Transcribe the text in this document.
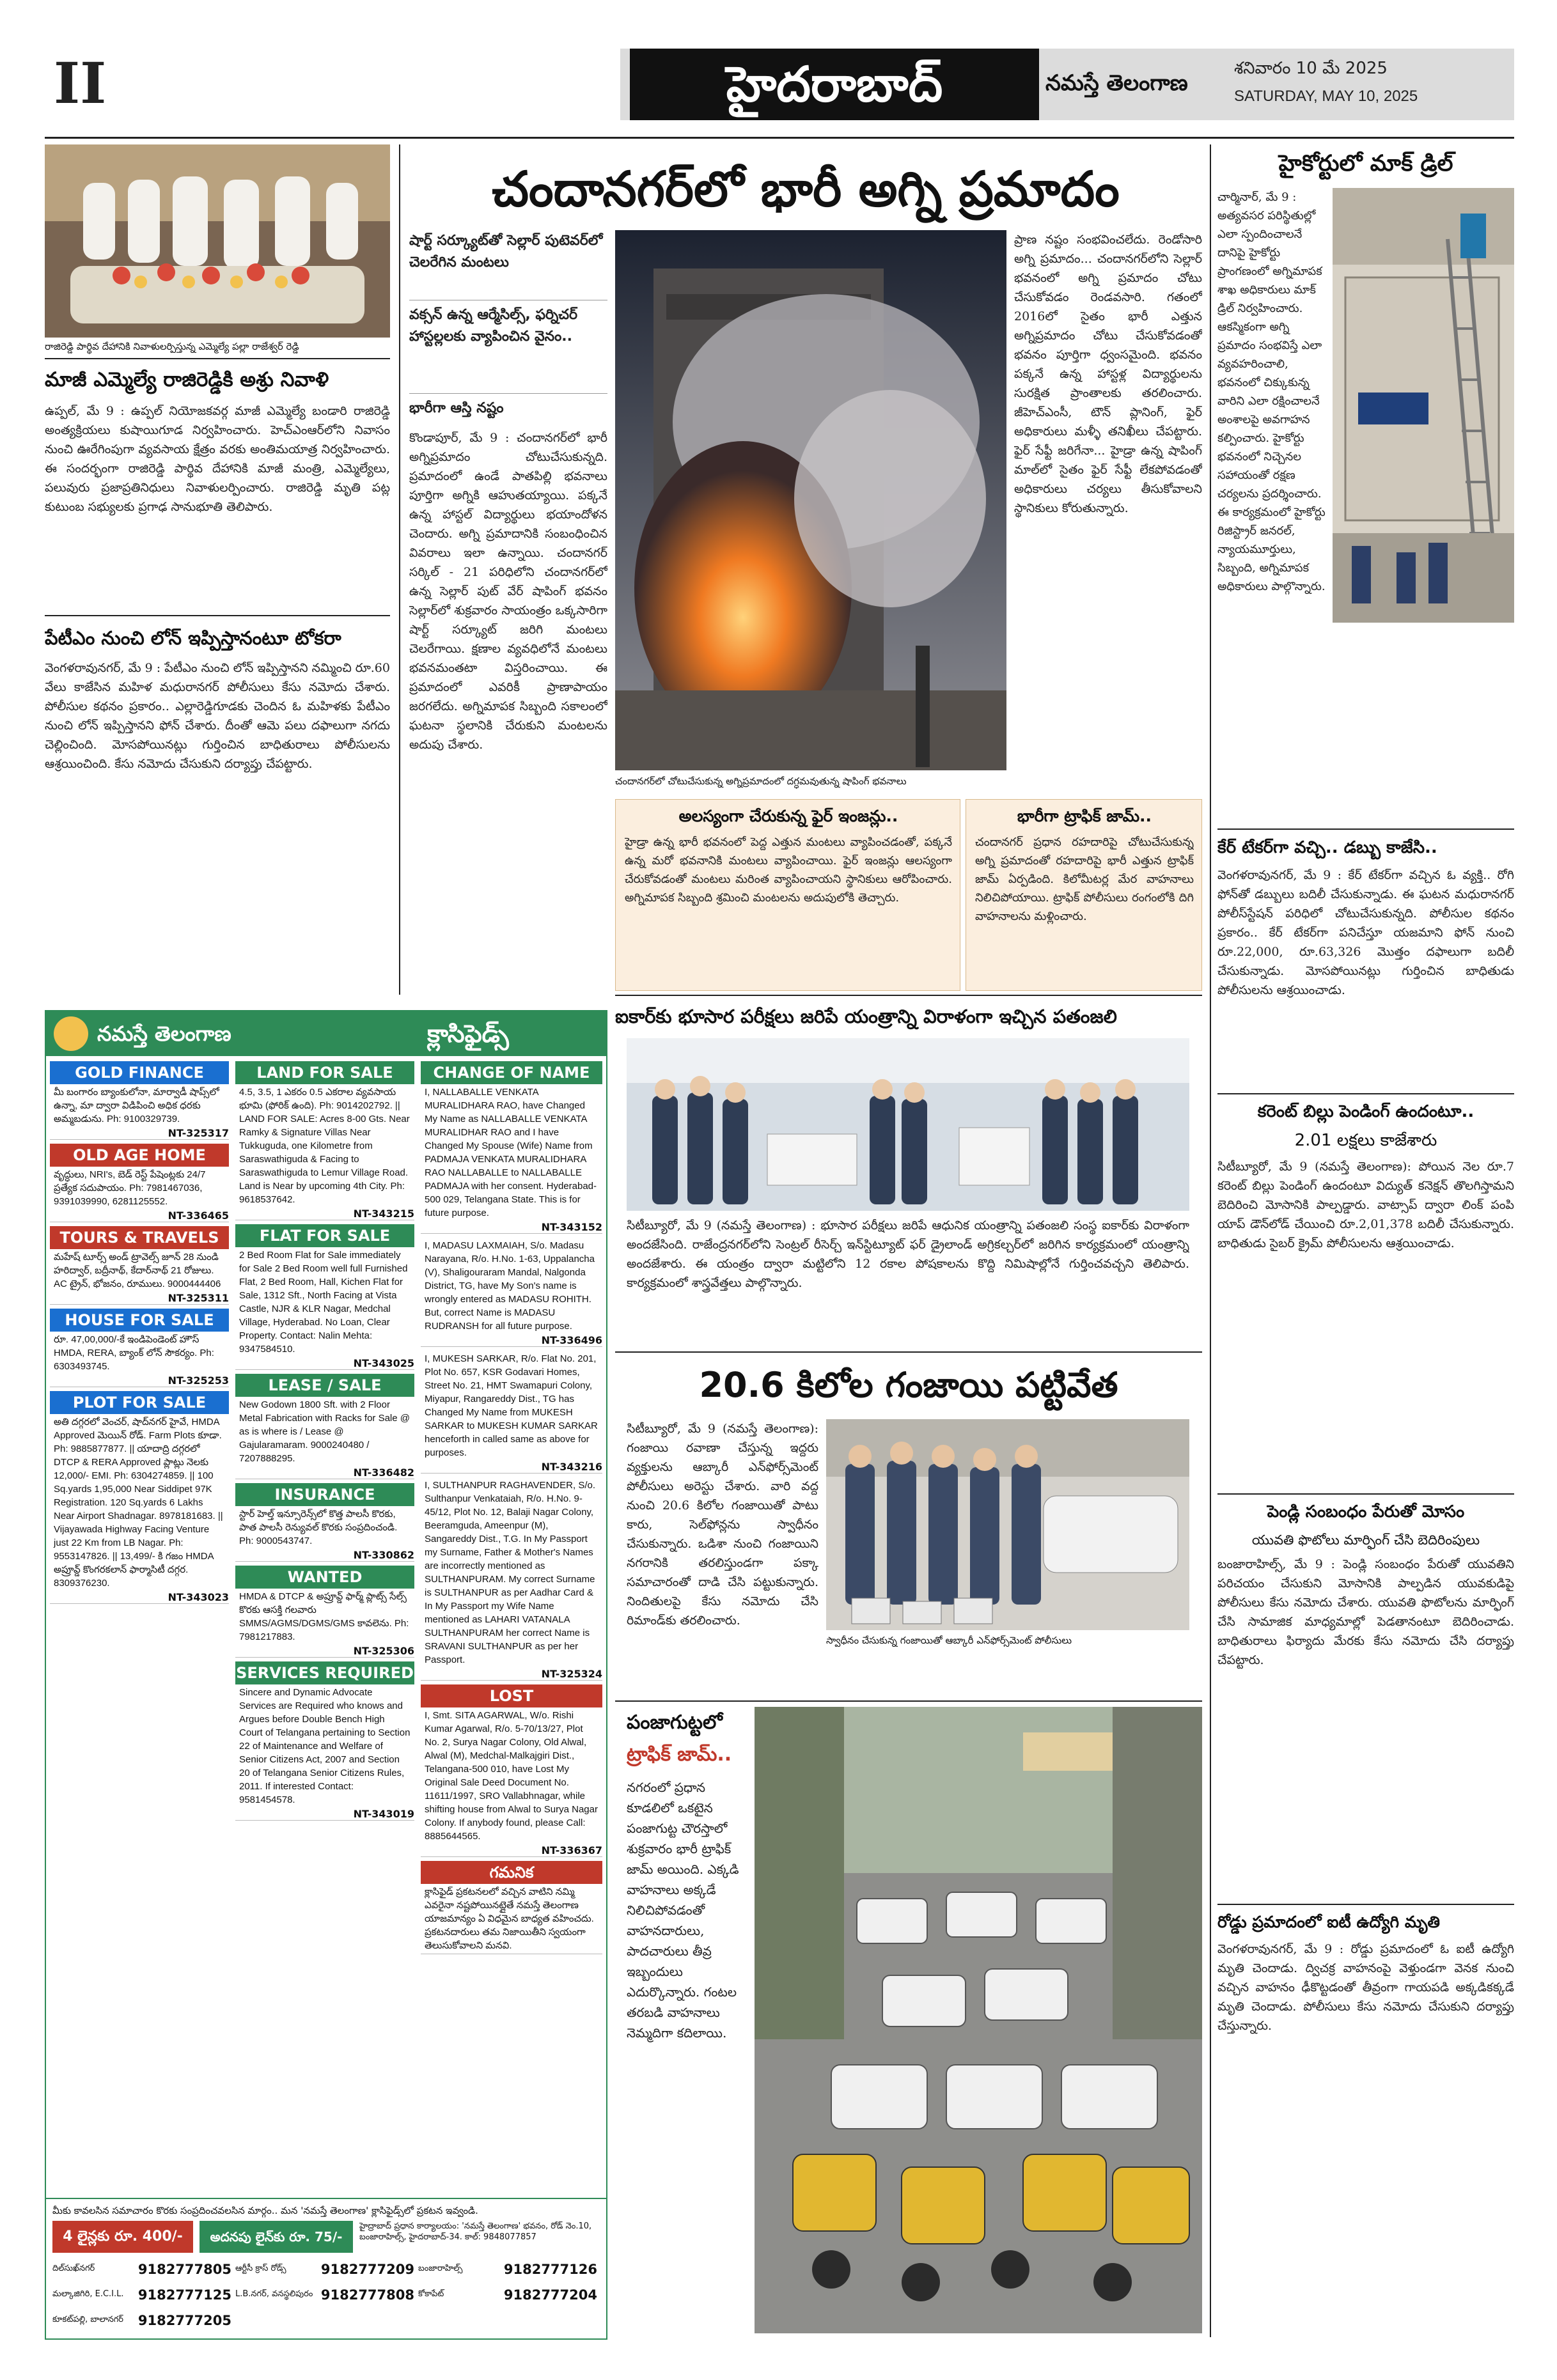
II	హైదరాబాద్	నమస్తే తెలంగాణ
శనివారం 10 మే 2025
SATURDAY, MAY 10, 2025
రాజిరెడ్డి పార్థివ దేహానికి నివాళులర్పిస్తున్న ఎమ్మెల్యే పల్లా రాజేశ్వర్ రెడ్డి
మాజీ ఎమ్మెల్యే రాజిరెడ్డికి అశ్రు నివాళి
ఉప్పల్, మే 9 : ఉప్పల్ నియోజకవర్గ మాజీ ఎమ్మెల్యే బండారి రాజిరెడ్డి అంత్యక్రియలు కుషాయిగూడ నిర్వహించారు. హెచ్ఎంఆర్‌లోని నివాసం నుంచి ఊరేగింపుగా వ్యవసాయ క్షేత్రం వరకు అంతిమయాత్ర నిర్వహించారు. ఈ సందర్భంగా రాజిరెడ్డి పార్థివ దేహానికి మాజీ మంత్రి, ఎమ్మెల్యేలు, పలువురు ప్రజాప్రతినిధులు నివాళులర్పించారు. రాజిరెడ్డి మృతి పట్ల కుటుంబ సభ్యులకు ప్రగాఢ సానుభూతి తెలిపారు.
పేటీఎం నుంచి లోన్ ఇప్పిస్తానంటూ టోకరా
వెంగళరావునగర్, మే 9 : పేటీఎం నుంచి లోన్ ఇప్పిస్తానని నమ్మించి రూ.60 వేలు కాజేసిన మహిళ మధురానగర్ పోలీసులు కేసు నమోదు చేశారు. పోలీసుల కథనం ప్రకారం.. ఎల్లారెడ్డిగూడకు చెందిన ఓ మహిళకు పేటీఎం నుంచి లోన్ ఇప్పిస్తానని ఫోన్ చేశారు. దీంతో ఆమె పలు దఫాలుగా నగదు చెల్లించింది. మోసపోయినట్లు గుర్తించిన బాధితురాలు పోలీసులను ఆశ్రయించింది. కేసు నమోదు చేసుకుని దర్యాప్తు చేపట్టారు.
చందానగర్‌లో భారీ అగ్ని ప్రమాదం
షార్ట్ సర్క్యూట్‌తో సెల్లార్ పుటెవర్‌లో చెలరేగిన మంటలు
వక్సన్ ఉన్న ఆర్మేసిల్స్, ఫర్నిచర్ హాస్టల్లలకు వ్యాపించిన వైనం..
భారీగా ఆస్తి నష్టం
కొండాపూర్, మే 9 : చందానగర్‌లో భారీ అగ్నిప్రమాదం చోటుచేసుకున్నది. ప్రమాదంలో ఉండే పాతపిల్లి భవనాలు పూర్తిగా అగ్నికి ఆహుతయ్యాయి. పక్కనే ఉన్న హాస్టల్‌ విద్యార్థులు భయాందోళన చెందారు. అగ్ని ప్రమాదానికి సంబంధించిన వివరాలు ఇలా ఉన్నాయి. చందానగర్ సర్కిల్ - 21 పరిధిలోని చందానగర్‌లో ఉన్న సెల్లార్ పుట్ వేర్ షాపింగ్ భవనం సెల్లార్‌లో శుక్రవారం సాయంత్రం ఒక్కసారిగా షార్ట్ సర్క్యూట్ జరిగి మంటలు చెలరేగాయి. క్షణాల వ్యవధిలోనే మంటలు భవనమంతటా విస్తరించాయి. ఈ ప్రమాదంలో ఎవరికీ ప్రాణాపాయం జరగలేదు. అగ్నిమాపక సిబ్బంది సకాలంలో ఘటనా స్థలానికి చేరుకుని మంటలను అదుపు చేశారు.
చందానగర్‌లో చోటుచేసుకున్న అగ్నిప్రమాదంలో దగ్ధమవుతున్న షాపింగ్ భవనాలు
ప్రాణ నష్టం సంభవించలేదు. రెండోసారి అగ్ని ప్రమాదం... చందానగర్‌లోని సెల్లార్ భవనంలో అగ్ని ప్రమాదం చోటు చేసుకోవడం రెండవసారి. గతంలో 2016లో సైతం భారీ ఎత్తున అగ్నిప్రమాదం చోటు చేసుకోవడంతో భవనం పూర్తిగా ధ్వంసమైంది. భవనం పక్కనే ఉన్న హాస్టళ్ల విద్యార్థులను సురక్షిత ప్రాంతాలకు తరలించారు. జీహెచ్ఎంసీ, టౌన్ ప్లానింగ్, ఫైర్ అధికారులు మళ్ళీ తనిఖీలు చేపట్టారు. ఫైర్ సేఫ్టీ జరిగేనా... హైడ్రా ఉన్న షాపింగ్ మాల్‌లో సైతం ఫైర్ సేఫ్టీ లేకపోవడంతో అధికారులు చర్యలు తీసుకోవాలని స్థానికులు కోరుతున్నారు.
అలస్యంగా చేరుకున్న ఫైర్ ఇంజన్లు..
హైడ్రా ఉన్న భారీ భవనంలో పెద్ద ఎత్తున మంటలు వ్యాపించడంతో, పక్కనే ఉన్న మరో భవనానికి మంటలు వ్యాపించాయి. ఫైర్ ఇంజన్లు ఆలస్యంగా చేరుకోవడంతో మంటలు మరింత వ్యాపించాయని స్థానికులు ఆరోపించారు. అగ్నిమాపక సిబ్బంది శ్రమించి మంటలను అదుపులోకి తెచ్చారు.
భారీగా ట్రాఫిక్ జామ్..
చందానగర్ ప్రధాన రహదారిపై చోటుచేసుకున్న అగ్ని ప్రమాదంతో రహదారిపై భారీ ఎత్తున ట్రాఫిక్ జామ్ ఏర్పడింది. కిలోమీటర్ల మేర వాహనాలు నిలిచిపోయాయి. ట్రాఫిక్ పోలీసులు రంగంలోకి దిగి వాహనాలను మళ్లించారు.
హైకోర్టులో మాక్ డ్రిల్
చార్మినార్, మే 9 : అత్యవసర పరిస్థితుల్లో ఎలా స్పందించాలనే దానిపై హైకోర్టు ప్రాంగణంలో అగ్నిమాపక శాఖ అధికారులు మాక్ డ్రిల్ నిర్వహించారు. ఆకస్మికంగా అగ్ని ప్రమాదం సంభవిస్తే ఎలా వ్యవహరించాలి, భవనంలో చిక్కుకున్న వారిని ఎలా రక్షించాలనే అంశాలపై అవగాహన కల్పించారు. హైకోర్టు భవనంలో నిచ్చెనల సహాయంతో రక్షణ చర్యలను ప్రదర్శించారు. ఈ కార్యక్రమంలో హైకోర్టు రిజిస్ట్రార్ జనరల్, న్యాయమూర్తులు, సిబ్బంది, అగ్నిమాపక అధికారులు పాల్గొన్నారు.
కేర్ టేకర్‌గా వచ్చి.. డబ్బు కాజేసి..
వెంగళరావునగర్, మే 9 : కేర్ టేకర్‌గా వచ్చిన ఓ వ్యక్తి.. రోగి ఫోన్‌తో డబ్బులు బదిలీ చేసుకున్నాడు. ఈ ఘటన మధురానగర్ పోలీస్‌స్టేషన్ పరిధిలో చోటుచేసుకున్నది. పోలీసుల కథనం ప్రకారం.. కేర్ టేకర్‌గా పనిచేస్తూ యజమాని ఫోన్ నుంచి రూ.22,000, రూ.63,326 మొత్తం దఫాలుగా బదిలీ చేసుకున్నాడు. మోసపోయినట్లు గుర్తించిన బాధితుడు పోలీసులను ఆశ్రయించాడు.
కరెంట్ బిల్లు పెండింగ్ ఉందంటూ..
2.01 లక్షలు కాజేశారు
సిటీబ్యూరో, మే 9 (నమస్తే తెలంగాణ): పోయిన నెల రూ.7 కరెంట్ బిల్లు పెండింగ్ ఉందంటూ విద్యుత్ కనెక్షన్ తొలగిస్తామని బెదిరించి మోసానికి పాల్పడ్డారు. వాట్సాప్ ద్వారా లింక్ పంపి యాప్ డౌన్‌లోడ్ చేయించి రూ.2,01,378 బదిలీ చేసుకున్నారు. బాధితుడు సైబర్ క్రైమ్ పోలీసులను ఆశ్రయించాడు.
పెండ్లి సంబంధం పేరుతో మోసం
యువతి ఫొటోలు మార్ఫింగ్ చేసి బెదిరింపులు
బంజారాహిల్స్, మే 9 : పెండ్లి సంబంధం పేరుతో యువతిని పరిచయం చేసుకుని మోసానికి పాల్పడిన యువకుడిపై పోలీసులు కేసు నమోదు చేశారు. యువతి ఫొటోలను మార్ఫింగ్ చేసి సామాజిక మాధ్యమాల్లో పెడతానంటూ బెదిరించాడు. బాధితురాలు ఫిర్యాదు మేరకు కేసు నమోదు చేసి దర్యాప్తు చేపట్టారు.
రోడ్డు ప్రమాదంలో ఐటీ ఉద్యోగి మృతి
వెంగళరావునగర్, మే 9 : రోడ్డు ప్రమాదంలో ఓ ఐటీ ఉద్యోగి మృతి చెందాడు. ద్విచక్ర వాహనంపై వెళ్తుండగా వెనక నుంచి వచ్చిన వాహనం ఢీకొట్టడంతో తీవ్రంగా గాయపడి అక్కడికక్కడే మృతి చెందాడు. పోలీసులు కేసు నమోదు చేసుకుని దర్యాప్తు చేస్తున్నారు.
ఐకార్‌కు భూసార పరీక్షలు జరిపే యంత్రాన్ని విరాళంగా ఇచ్చిన పతంజలి
సిటీబ్యూరో, మే 9 (నమస్తే తెలంగాణ) : భూసార పరీక్షలు జరిపే ఆధునిక యంత్రాన్ని పతంజలి సంస్థ ఐకార్‌కు విరాళంగా అందజేసింది. రాజేంద్రనగర్‌లోని సెంట్రల్ రీసెర్చ్ ఇన్‌స్టిట్యూట్ ఫర్ డ్రైలాండ్ అగ్రికల్చర్‌లో జరిగిన కార్యక్రమంలో యంత్రాన్ని అందజేశారు. ఈ యంత్రం ద్వారా మట్టిలోని 12 రకాల పోషకాలను కొద్ది నిమిషాల్లోనే గుర్తించవచ్చని తెలిపారు. కార్యక్రమంలో శాస్త్రవేత్తలు పాల్గొన్నారు.
20.6 కిలోల గంజాయి పట్టివేత
సిటీబ్యూరో, మే 9 (నమస్తే తెలంగాణ): గంజాయి రవాణా చేస్తున్న ఇద్దరు వ్యక్తులను ఆబ్కారీ ఎన్‌ఫోర్స్‌మెంట్ పోలీసులు అరెస్టు చేశారు. వారి వద్ద నుంచి 20.6 కిలోల గంజాయితో పాటు కారు, సెల్‌ఫోన్లను స్వాధీనం చేసుకున్నారు. ఒడిశా నుంచి గంజాయిని నగరానికి తరలిస్తుండగా పక్కా సమాచారంతో దాడి చేసి పట్టుకున్నారు. నిందితులపై కేసు నమోదు చేసి రిమాండ్‌కు తరలించారు.
స్వాధీనం చేసుకున్న గంజాయితో ఆబ్కారీ ఎన్‌ఫోర్స్‌మెంట్ పోలీసులు
పంజాగుట్టలో
ట్రాఫిక్ జామ్..
నగరంలో ప్రధాన కూడలిలో ఒకటైన పంజాగుట్ట చౌరస్తాలో శుక్రవారం భారీ ట్రాఫిక్ జామ్ అయింది. ఎక్కడి వాహనాలు అక్కడే నిలిచిపోవడంతో వాహనదారులు, పాదచారులు తీవ్ర ఇబ్బందులు ఎదుర్కొన్నారు. గంటల తరబడి వాహనాలు నెమ్మదిగా కదిలాయి.
నమస్తే తెలంగాణ	క్లాసిఫైడ్స్
GOLD FINANCE
మీ బంగారం బ్యాంకులోనా, మార్వాడీ షాప్స్‌లో ఉన్నా, మా ద్వారా విడిపించి అధిక ధరకు అమ్మబడును. Ph: 9100329739.
NT-325317
OLD AGE HOME
వృద్ధులు, NRI's, బెడ్ రెస్ట్ పేషెంట్లకు 24/7 ప్రత్యేక సదుపాయం. Ph: 7981467036, 9391039990, 6281125552.
NT-336465
TOURS & TRAVELS
మహేష్ టూర్స్ అండ్ ట్రావెల్స్ జూన్ 28 నుండి హరిద్వార్, బద్రీనాథ్, కేదార్‌నాథ్ 21 రోజులు. AC ట్రైన్, భోజనం, రూములు. 9000444406
NT-325311
HOUSE FOR SALE
రూ. 47,00,000/-కే ఇండిపెండెంట్ హౌస్ HMDA, RERA, బ్యాంక్ లోన్ సౌకర్యం. Ph: 6303493745.
NT-325253
PLOT FOR SALE
అతి దగ్గరలో వెంచర్, షాద్‌నగర్ హైవే, HMDA Approved మెయిన్ రోడ్. Farm Plots కూడా. Ph: 9885877877. || యాదాద్రి దగ్గరలో DTCP & RERA Approved ప్లాట్లు నెలకు 12,000/- EMI. Ph: 6304274859. || 100 Sq.yards 1,95,000 Near Siddipet 97K Registration. 120 Sq.yards 6 Lakhs Near Airport Shadnagar. 8978181683. || Vijayawada Highway Facing Venture just 22 Km from LB Nagar. Ph: 9553147826. || 13,499/- కి గజం HMDA అప్రూవ్డ్ కొంగరకలాన్ ఫార్మాసిటీ దగ్గర. 8309376230.
NT-343023
LAND FOR SALE
4.5, 3.5, 1 ఎకరం 0.5 ఎకరాల వ్యవసాయ భూమి (ఫోరిక్ ఉంది). Ph: 9014202792. || LAND FOR SALE: Acres 8-00 Gts. Near Ramky & Signature Villas Near Tukkuguda, one Kilometre from Saraswathiguda & Facing to Saraswathiguda to Lemur Village Road. Land is Near by upcoming 4th City. Ph: 9618537642.
NT-343215
FLAT FOR SALE
2 Bed Room Flat for Sale immediately for Sale 2 Bed Room well full Furnished Flat, 2 Bed Room, Hall, Kichen Flat for Sale, 1312 Sft., North Facing at Vista Castle, NJR & KLR Nagar, Medchal Village, Hyderabad. No Loan, Clear Property. Contact: Nalin Mehta: 9347584510.
NT-343025
LEASE / SALE
New Godown 1800 Sft. with 2 Floor Metal Fabrication with Racks for Sale @ as is where is / Lease @ Gajularamaram. 9000240480 / 7207888295.
NT-336482
INSURANCE
స్టార్ హెల్త్ ఇన్సూరెన్స్‌లో కొత్త పాలసీ కొరకు, పాత పాలసీ రెన్యువల్ కొరకు సంప్రదించండి. Ph: 9000543747.
NT-330862
WANTED
HMDA & DTCP & అప్రూవ్డ్ ఫార్మ్ ప్లాట్స్ సేల్స్ కొరకు ఆసక్తి గలవారు SMMS/AGMS/DGMS/GMS కావలెను. Ph: 7981217883.
NT-325306
SERVICES REQUIRED
Sincere and Dynamic Advocate Services are Required who knows and Argues before Double Bench High Court of Telangana pertaining to Section 22 of Maintenance and Welfare of Senior Citizens Act, 2007 and Section 20 of Telangana Senior Citizens Rules, 2011. If interested Contact: 9581454578.
NT-343019
CHANGE OF NAME
I, NALLABALLE VENKATA MURALIDHARA RAO, have Changed My Name as NALLABALLE VENKATA MURALIDHAR RAO and I have Changed My Spouse (Wife) Name from PADMAJA VENKATA MURALIDHARA RAO NALLABALLE to NALLABALLE PADMAJA with her consent. Hyderabad-500 029, Telangana State. This is for future purpose.
NT-343152
I, MADASU LAXMAIAH, S/o. Madasu Narayana, R/o. H.No. 1-63, Uppalancha (V), Shaligouraram Mandal, Nalgonda District, TG, have My Son's name is wrongly entered as MADASU ROHITH. But, correct Name is MADASU RUDRANSH for all future purpose.
NT-336496
I, MUKESH SARKAR, R/o. Flat No. 201, Plot No. 657, KSR Godavari Homes, Street No. 21, HMT Swamapuri Colony, Miyapur, Rangareddy Dist., TG has Changed My Name from MUKESH SARKAR to MUKESH KUMAR SARKAR henceforth in called same as above for purposes.
NT-343216
I, SULTHANPUR RAGHAVENDER, S/o. Sulthanpur Venkataiah, R/o. H.No. 9-45/12, Plot No. 12, Balaji Nagar Colony, Beeramguda, Ameenpur (M), Sangareddy Dist., T.G. In My Passport my Surname, Father & Mother's Names are incorrectly mentioned as SULTHANPURAM. My correct Surname is SULTHANPUR as per Aadhar Card & In My Passport my Wife Name mentioned as LAHARI VATANALA SULTHANPURAM her correct Name is SRAVANI SULTHANPUR as per her Passport.
NT-325324
LOST
I, Smt. SITA AGARWAL, W/o. Rishi Kumar Agarwal, R/o. 5-70/13/27, Plot No. 2, Surya Nagar Colony, Old Alwal, Alwal (M), Medchal-Malkajgiri Dist., Telangana-500 010, have Lost My Original Sale Deed Document No. 11611/1997, SRO Vallabhnagar, while shifting house from Alwal to Surya Nagar Colony. If anybody found, please Call: 8885644565.
NT-336367
గమనిక
క్లాసిఫైడ్ ప్రకటనలలో వచ్చిన వాటిని నమ్మి ఎవరైనా నష్టపోయినట్లైతే నమస్తే తెలంగాణ యాజమాన్యం ఏ విధమైన బాధ్యత వహించదు. ప్రకటనదారులు తమ నిజాయితీని స్వయంగా తెలుసుకోవాలని మనవి.
మీకు కావలసిన సమాచారం కొరకు సంప్రదించవలసిన మార్గం.. మన 'నమస్తే తెలంగాణ' క్లాసిఫైడ్స్‌లో ప్రకటన ఇవ్వండి.
4 లైన్లకు రూ. 400/-	అదనపు లైన్‌కు రూ. 75/-
హైద్రాబాద్ ప్రధాన కార్యాలయం: 'నమస్తే తెలంగాణ' భవనం, రోడ్ నెం.10, బంజారాహిల్స్, హైదరాబాద్-34. కాల్: 9848077857
దిల్‌సుఖ్‌నగర్	9182777805 ఆర్టీసీ క్రాస్ రోడ్స్	9182777209 బంజారాహిల్స్	9182777126
మల్కాజిగిరి, E.C.I.L. 9182777125 L.B.నగర్, వనస్థలిపురం 9182777808 కోకాపేట్	9182777204
కూకట్‌పల్లి, బాలానగర్ 9182777205
